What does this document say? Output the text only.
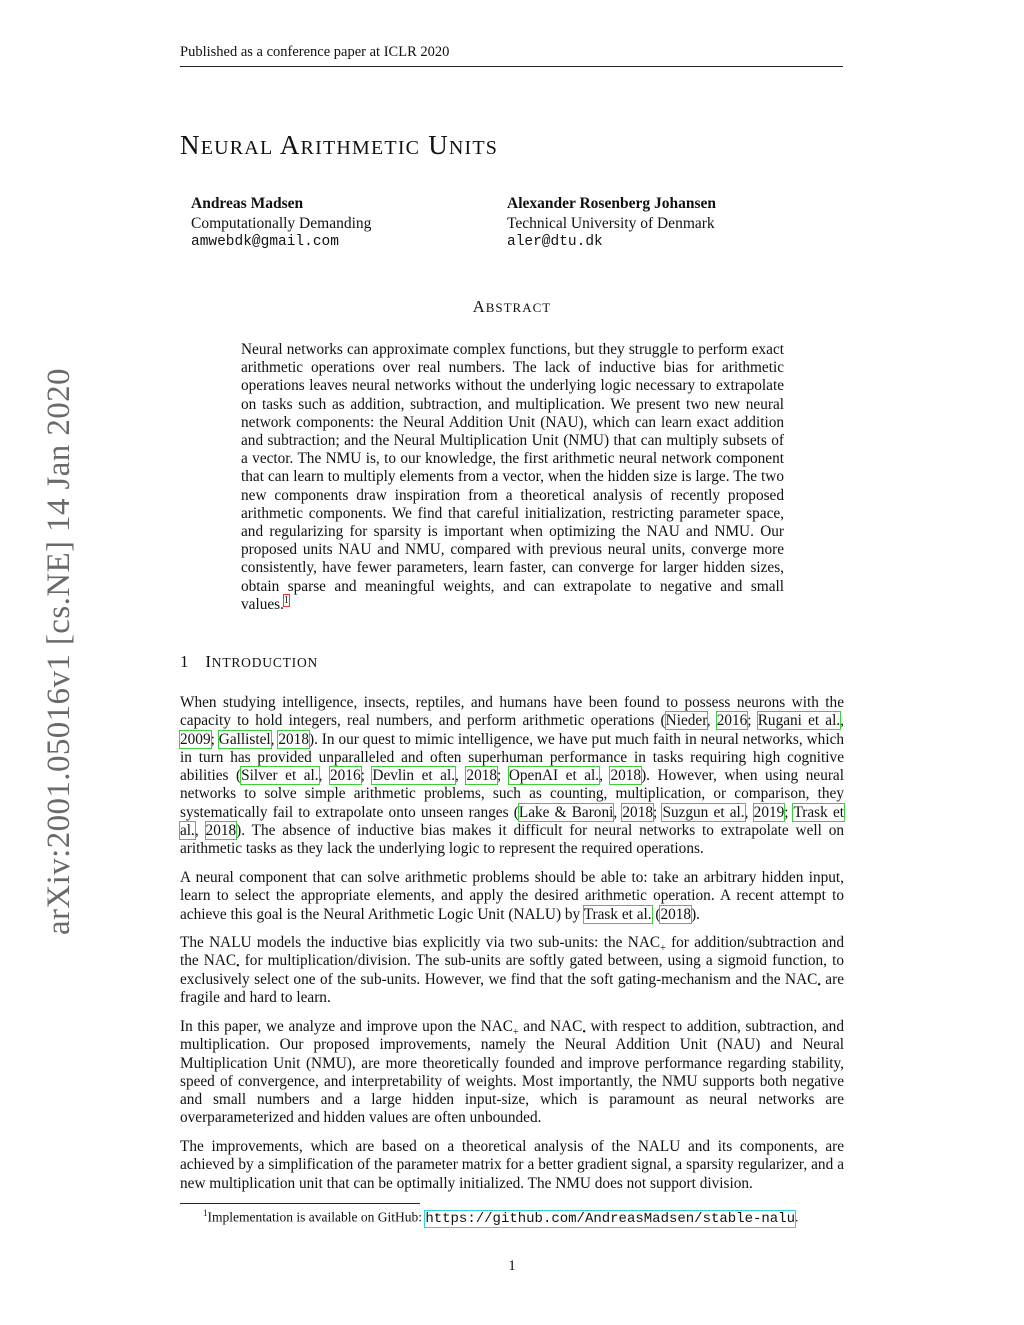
Published as a conference paper at ICLR 2020
NEURAL ARITHMETIC UNITS
Andreas Madsen
Computationally Demanding
amwebdk@gmail.com
Alexander Rosenberg Johansen
Technical University of Denmark
aler@dtu.dk
ABSTRACT
Neural networks can approximate complex functions, but they struggle to perform exact arithmetic operations over real numbers. The lack of inductive bias for arithmetic operations leaves neural networks without the underlying logic necessary to extrapolate on tasks such as addition, subtraction, and multiplication. We present two new neural network components: the Neural Addition Unit (NAU), which can learn exact addition and subtraction; and the Neural Multiplication Unit (NMU) that can multiply subsets of a vector. The NMU is, to our knowledge, the first arithmetic neural network component that can learn to multiply elements from a vector, when the hidden size is large. The two new components draw inspiration from a theoretical analysis of recently proposed arithmetic components. We find that careful initialization, restricting parameter space, and regularizing for sparsity is important when optimizing the NAU and NMU. Our proposed units NAU and NMU, compared with previous neural units, converge more consistently, have fewer parameters, learn faster, can converge for larger hidden sizes, obtain sparse and meaningful weights, and can extrapolate to negative and small values.$^1$
1 INTRODUCTION
When studying intelligence, insects, reptiles, and humans have been found to possess neurons with the capacity to hold integers, real numbers, and perform arithmetic operations (Nieder, 2016; Rugani et al., 2009; Gallistel, 2018). In our quest to mimic intelligence, we have put much faith in neural networks, which in turn has provided unparalleled and often superhuman performance in tasks requiring high cognitive abilities (Silver et al., 2016; Devlin et al., 2018; OpenAI et al., 2018). However, when using neural networks to solve simple arithmetic problems, such as counting, multiplication, or comparison, they systematically fail to extrapolate onto unseen ranges (Lake & Baroni, 2018; Suzgun et al., 2019; Trask et al., 2018). The absence of inductive bias makes it difficult for neural networks to extrapolate well on arithmetic tasks as they lack the underlying logic to represent the required operations.
A neural component that can solve arithmetic problems should be able to: take an arbitrary hidden input, learn to select the appropriate elements, and apply the desired arithmetic operation. A recent attempt to achieve this goal is the Neural Arithmetic Logic Unit (NALU) by Trask et al. (2018).
The NALU models the inductive bias explicitly via two sub-units: the $NAC_+$ for addition/subtraction and the $NAC_•$ for multiplication/division. The sub-units are softly gated between, using a sigmoid function, to exclusively select one of the sub-units. However, we find that the soft gating-mechanism and the $NAC_•$ are fragile and hard to learn.
In this paper, we analyze and improve upon the $NAC_+$ and $NAC_•$ with respect to addition, subtraction, and multiplication. Our proposed improvements, namely the Neural Addition Unit (NAU) and Neural Multiplication Unit (NMU), are more theoretically founded and improve performance regarding stability, speed of convergence, and interpretability of weights. Most importantly, the NMU supports both negative and small numbers and a large hidden input-size, which is paramount as neural networks are overparameterized and hidden values are often unbounded.
The improvements, which are based on a theoretical analysis of the NALU and its components, are achieved by a simplification of the parameter matrix for a better gradient signal, a sparsity regularizer, and a new multiplication unit that can be optimally initialized. The NMU does not support division.
$^1$Implementation is available on GitHub: https://github.com/AndreasMadsen/stable-nalu.
1
arXiv:2001.05016v1 [cs.NE] 14 Jan 2020
